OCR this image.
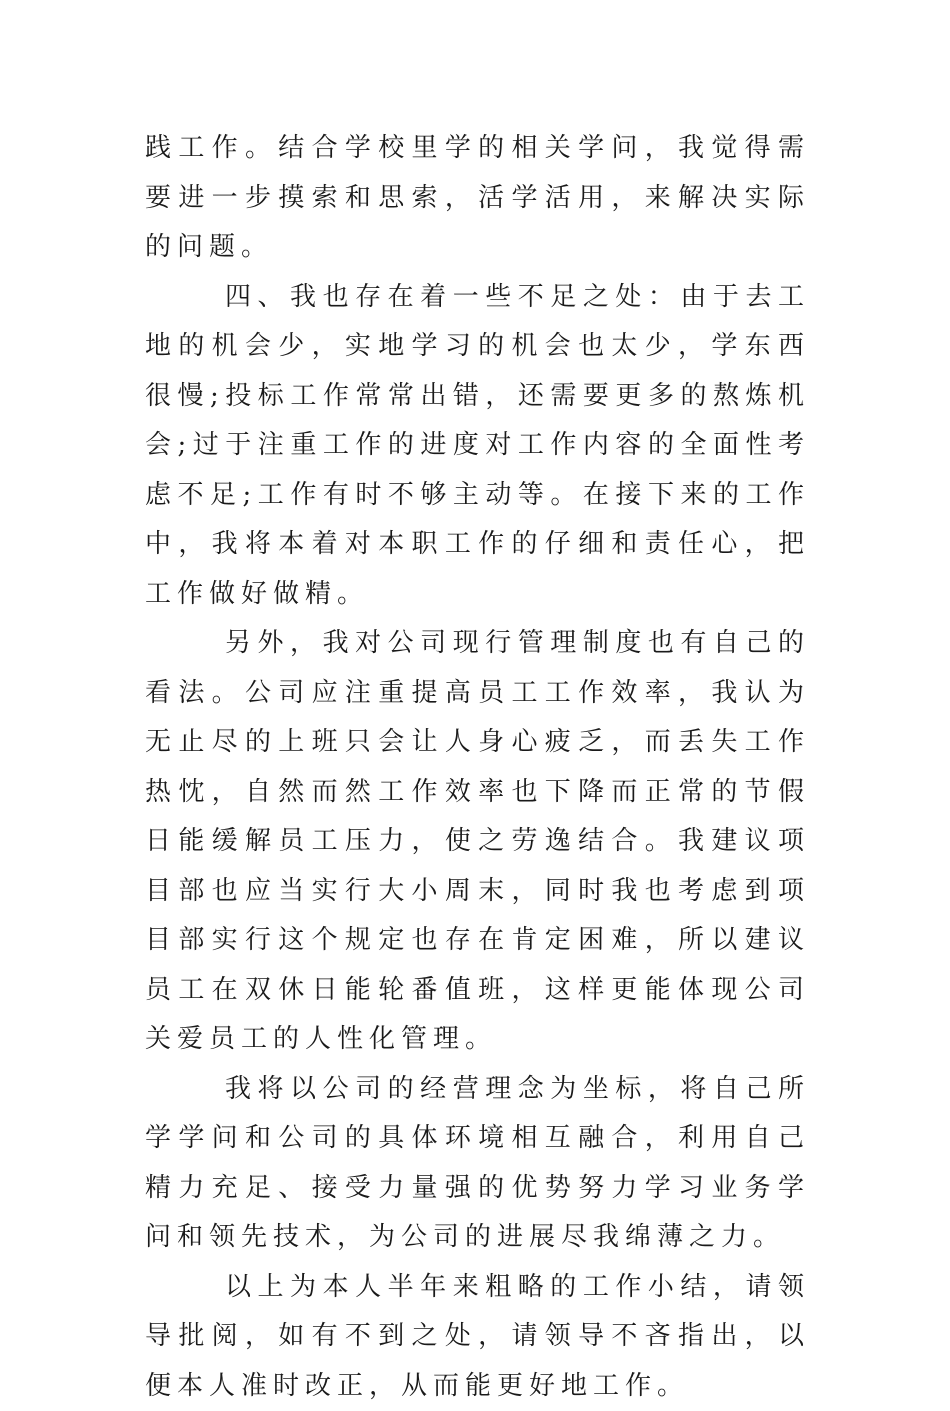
践工作。结合学校里学的相关学问，我觉得需要进一步摸索和思索，活学活用，来解决实际的问题。

四、我也存在着一些不足之处：由于去工地的机会少，实地学习的机会也太少，学东西很慢;投标工作常常出错，还需要更多的熬炼机会;过于注重工作的进度对工作内容的全面性考虑不足;工作有时不够主动等。在接下来的工作中，我将本着对本职工作的仔细和责任心，把工作做好做精。

另外，我对公司现行管理制度也有自己的看法。公司应注重提高员工工作效率，我认为无止尽的上班只会让人身心疲乏，而丢失工作热忱，自然而然工作效率也下降而正常的节假日能缓解员工压力，使之劳逸结合。我建议项目部也应当实行大小周末，同时我也考虑到项目部实行这个规定也存在肯定困难，所以建议员工在双休日能轮番值班，这样更能体现公司关爱员工的人性化管理。

我将以公司的经营理念为坐标，将自己所学学问和公司的具体环境相互融合，利用自己精力充足、接受力量强的优势努力学习业务学问和领先技术，为公司的进展尽我绵薄之力。

以上为本人半年来粗略的工作小结，请领导批阅，如有不到之处，请领导不吝指出，以便本人准时改正，从而能更好地工作。
